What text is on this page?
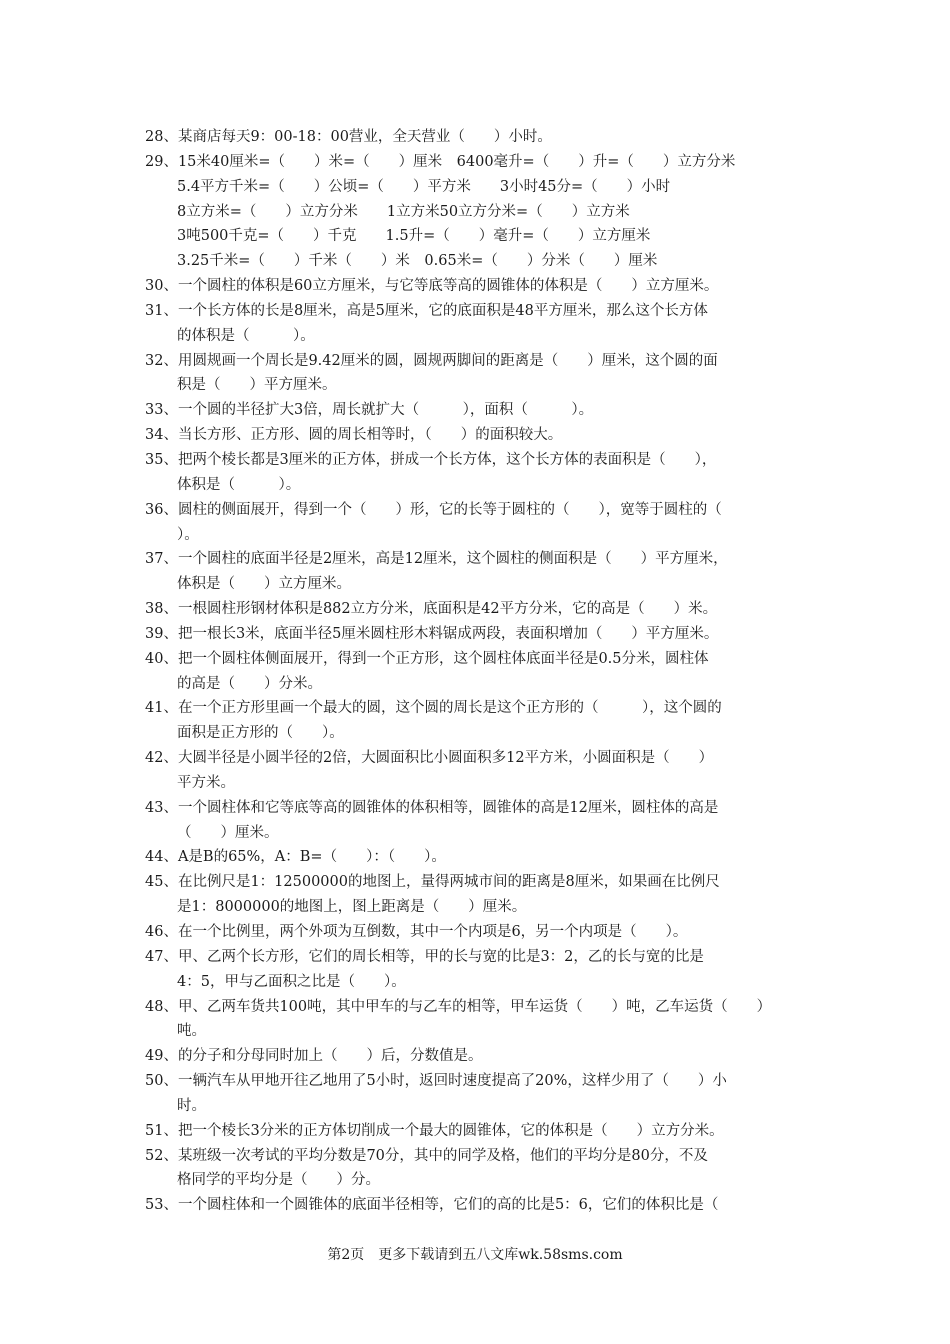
28、某商店每天9：00-18：00营业，全天营业（　　）小时。
29、15米40厘米=（　　）米=（　　）厘米　6400毫升=（　　）升=（　　）立方分米
5.4平方千米=（　　）公顷=（　　）平方米　　3小时45分=（　　）小时
8立方米=（　　）立方分米　　1立方米50立方分米=（　　）立方米
3吨500千克=（　　）千克　　1.5升=（　　）毫升=（　　）立方厘米
3.25千米=（　　）千米（　　）米　0.65米=（　　）分米（　　）厘米
30、一个圆柱的体积是60立方厘米，与它等底等高的圆锥体的体积是（　　）立方厘米。
31、一个长方体的长是8厘米，高是5厘米，它的底面积是48平方厘米，那么这个长方体
的体积是（　　　）。
32、用圆规画一个周长是9.42厘米的圆，圆规两脚间的距离是（　　）厘米，这个圆的面
积是（　　）平方厘米。
33、一个圆的半径扩大3倍，周长就扩大（　　　），面积（　　　）。
34、当长方形、正方形、圆的周长相等时，（　　）的面积较大。
35、把两个棱长都是3厘米的正方体，拼成一个长方体，这个长方体的表面积是（　　），
体积是（　　　）。
36、圆柱的侧面展开，得到一个（　　）形，它的长等于圆柱的（　　），宽等于圆柱的（
）。
37、一个圆柱的底面半径是2厘米，高是12厘米，这个圆柱的侧面积是（　　）平方厘米，
体积是（　　）立方厘米。
38、一根圆柱形钢材体积是882立方分米，底面积是42平方分米，它的高是（　　）米。
39、把一根长3米，底面半径5厘米圆柱形木料锯成两段，表面积增加（　　）平方厘米。
40、把一个圆柱体侧面展开，得到一个正方形，这个圆柱体底面半径是0.5分米，圆柱体
的高是（　　）分米。
41、在一个正方形里画一个最大的圆，这个圆的周长是这个正方形的（　　　），这个圆的
面积是正方形的（　　）。
42、大圆半径是小圆半径的2倍，大圆面积比小圆面积多12平方米，小圆面积是（　　）
平方米。
43、一个圆柱体和它等底等高的圆锥体的体积相等，圆锥体的高是12厘米，圆柱体的高是
（　　）厘米。
44、A是B的65%，A：B=（　　）：（　　）。
45、在比例尺是1：12500000的地图上，量得两城市间的距离是8厘米，如果画在比例尺
是1：8000000的地图上，图上距离是（　　）厘米。
46、在一个比例里，两个外项为互倒数，其中一个内项是6，另一个内项是（　　）。
47、甲、乙两个长方形，它们的周长相等，甲的长与宽的比是3：2，乙的长与宽的比是
4：5，甲与乙面积之比是（　　）。
48、甲、乙两车货共100吨，其中甲车的与乙车的相等，甲车运货（　　）吨，乙车运货（　　）
吨。
49、的分子和分母同时加上（　　）后，分数值是。
50、一辆汽车从甲地开往乙地用了5小时，返回时速度提高了20%，这样少用了（　　）小
时。
51、把一个棱长3分米的正方体切削成一个最大的圆锥体，它的体积是（　　）立方分米。
52、某班级一次考试的平均分数是70分，其中的同学及格，他们的平均分是80分，不及
格同学的平均分是（　　）分。
53、一个圆柱体和一个圆锥体的底面半径相等，它们的高的比是5：6，它们的体积比是（
第2页　更多下载请到五八文库wk.58sms.com
